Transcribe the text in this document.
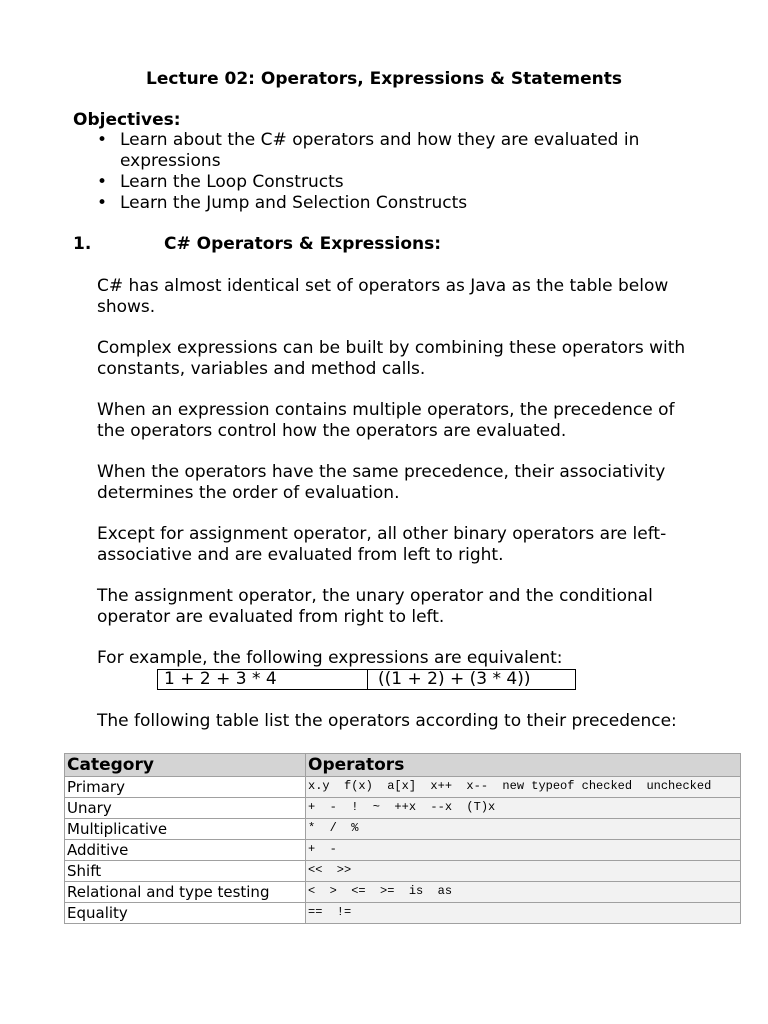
Lecture 02: Operators, Expressions & Statements
Objectives:
• Learn about the C# operators and how they are evaluated in expressions
• Learn the Loop Constructs
• Learn the Jump and Selection Constructs
1.	C# Operators & Expressions:

C# has almost identical set of operators as Java as the table below shows.

Complex expressions can be built by combining these operators with constants, variables and method calls.

When an expression contains multiple operators, the precedence of the operators control how the operators are evaluated.

When the operators have the same precedence, their associativity determines the order of evaluation.

Except for assignment operator, all other binary operators are left-associative and are evaluated from left to right.

The assignment operator, the unary operator and the conditional operator are evaluated from right to left.

For example, the following expressions are equivalent:

1 + 2 + 3 * 4	((1 + 2) + (3 * 4))

The following table list the operators according to their precedence:

Category	Operators
Primary	x.y  f(x)  a[x]  x++  x--  new typeof checked  unchecked
Unary	+  -  !  ~  ++x  --x  (T)x
Multiplicative	*  /  %
Additive	+  -
Shift	<<  >>
Relational and type testing	<  >  <=  >=  is  as
Equality	==  !=
